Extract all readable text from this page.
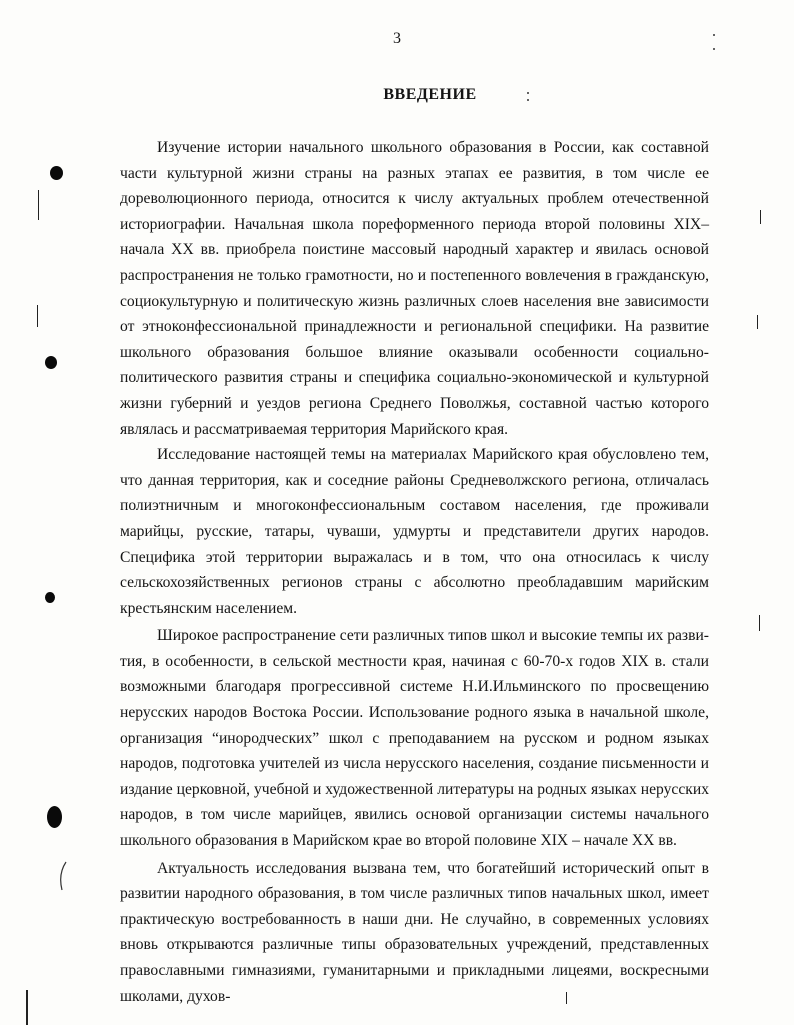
3
ВВЕДЕНИЕ

Изучение истории начального школьного образования в России, как составной части культурной жизни страны на разных этапах ее развития, в том числе ее дореволюционного периода, относится к числу актуальных проблем отечественной историографии. Начальная школа пореформенного периода второй половины XIX– начала XX вв. приобрела поистине массовый народный характер и явилась основой распространения не только грамотности, но и постепенного вовлечения в гражданскую, социокультурную и политическую жизнь различных слоев населения вне зависимости от этноконфессиональной принадлежности и региональной специфики. На развитие школьного образования большое влияние оказывали особенности социально-политического развития страны и специфика социально-экономической и культурной жизни губерний и уездов региона Среднего Поволжья, составной частью которого являлась и рассматриваемая территория Марийского края.

Исследование настоящей темы на материалах Марийского края обусловлено тем, что данная территория, как и соседние районы Средневолжского региона, отличалась полиэтничным и многоконфессиональным составом населения, где проживали марийцы, русские, татары, чуваши, удмурты и представители других народов. Специфика этой территории выражалась и в том, что она относилась к числу сельскохозяйственных регионов страны с абсолютно преобладавшим марийским крестьянским населением.

Широкое распространение сети различных типов школ и высокие темпы их развития, в особенности, в сельской местности края, начиная с 60-70-х годов XIX в. стали возможными благодаря прогрессивной системе Н.И.Ильминского по просвещению нерусских народов Востока России. Использование родного языка в начальной школе, организация “инородческих” школ с преподаванием на русском и родном языках народов, подготовка учителей из числа нерусского населения, создание письменности и издание церковной, учебной и художественной литературы на родных языках нерусских народов, в том числе марийцев, явились основой организации системы начального школьного образования в Марийском крае во второй половине XIX – начале XX вв.

Актуальность исследования вызвана тем, что богатейший исторический опыт в развитии народного образования, в том числе различных типов начальных школ, имеет практическую востребованность в наши дни. Не случайно, в современных условиях вновь открываются различные типы образовательных учреждений, представленных православными гимназиями, гуманитарными и прикладными лицеями, воскресными школами, духов-
